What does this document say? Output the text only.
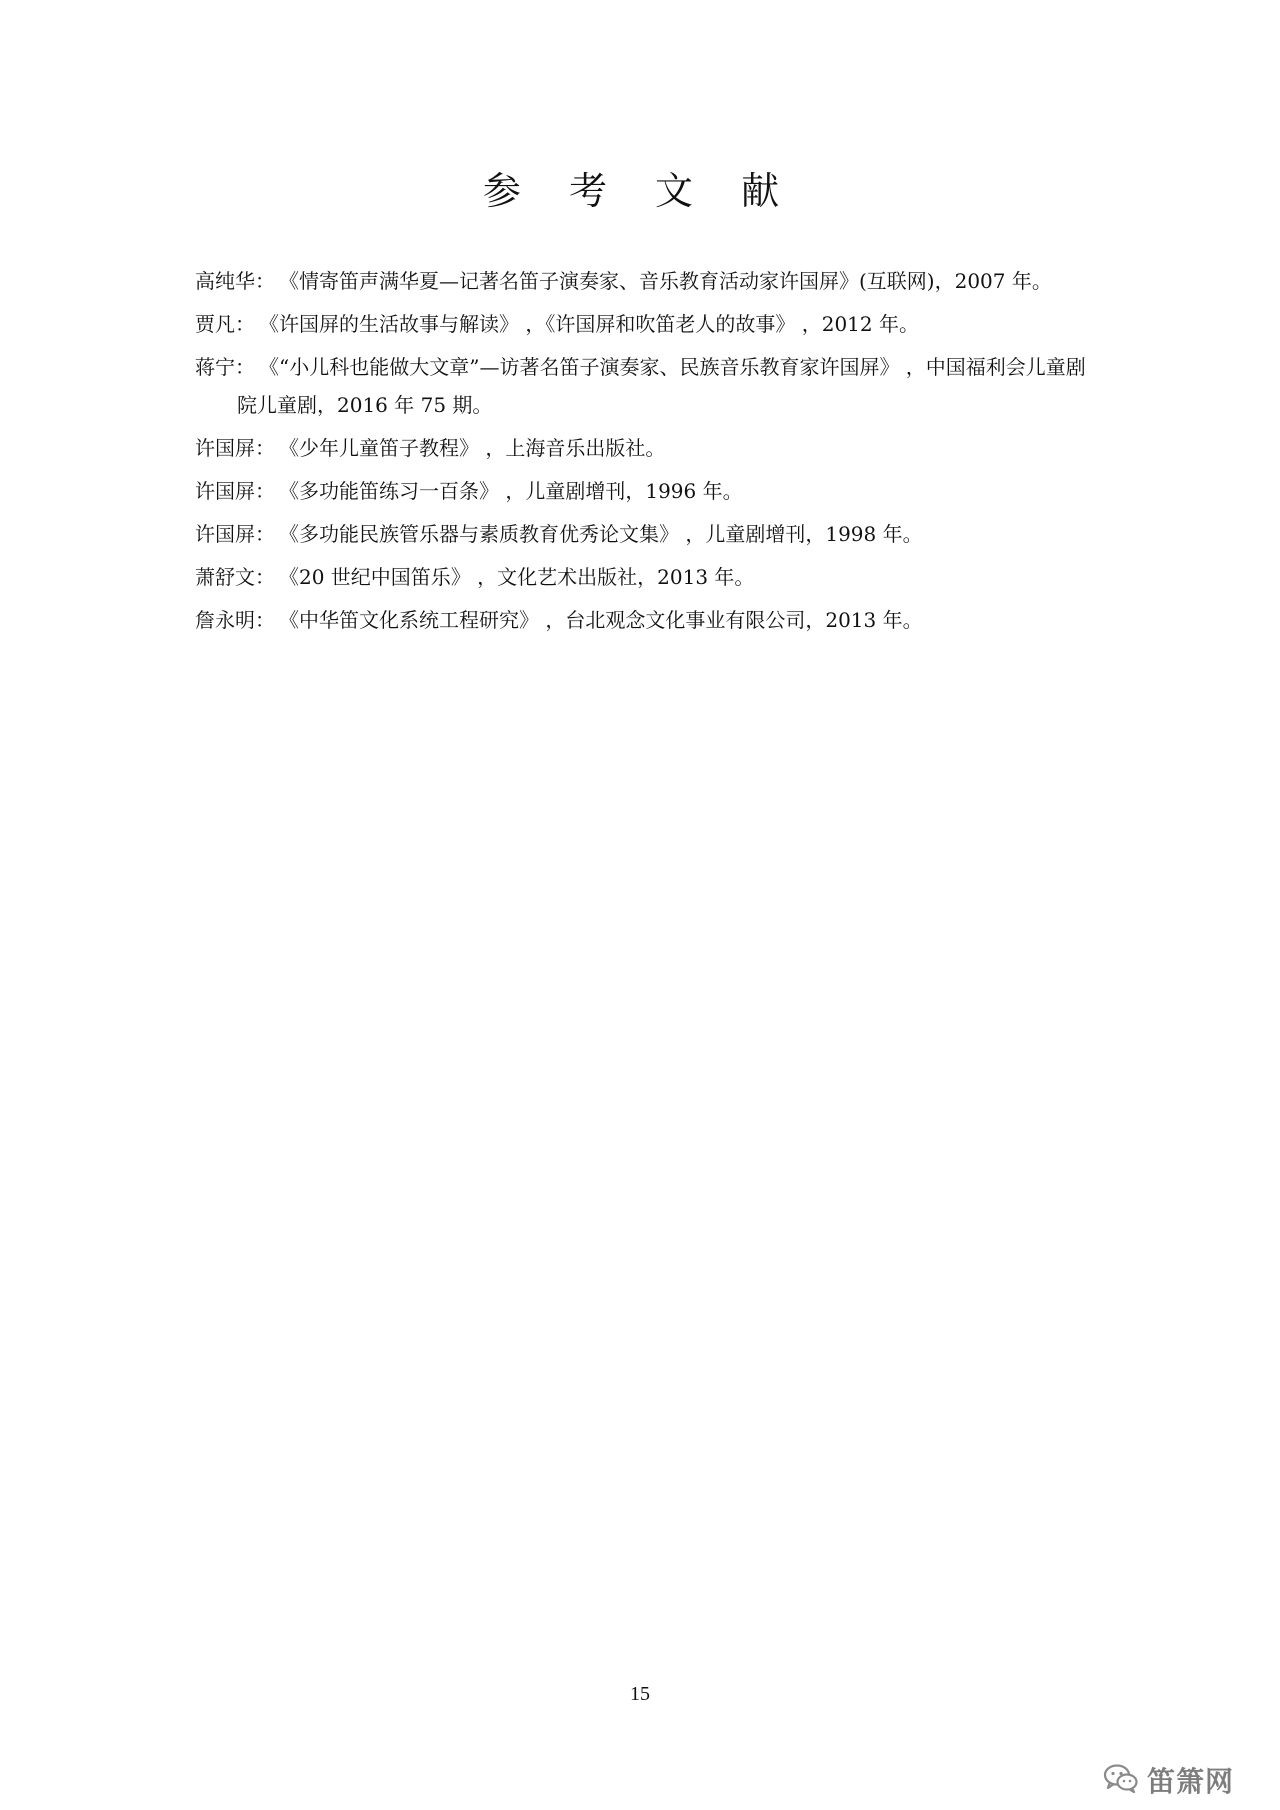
参 考 文 献
高纯华： 《情寄笛声满华夏—记著名笛子演奏家、音乐教育活动家许国屏》(互联网)，2007 年。
贾凡： 《许国屏的生活故事与解读》 ，《许国屏和吹笛老人的故事》 ，2012 年。
蒋宁： 《“小儿科也能做大文章”—访著名笛子演奏家、民族音乐教育家许国屏》 ，中国福利会儿童剧院儿童剧，2016 年 75 期。
许国屏： 《少年儿童笛子教程》 ，上海音乐出版社。
许国屏： 《多功能笛练习一百条》 ，儿童剧增刊，1996 年。
许国屏： 《多功能民族管乐器与素质教育优秀论文集》 ，儿童剧增刊，1998 年。
萧舒文： 《20 世纪中国笛乐》 ，文化艺术出版社，2013 年。
詹永明： 《中华笛文化系统工程研究》 ，台北观念文化事业有限公司，2013 年。
15
笛箫网
